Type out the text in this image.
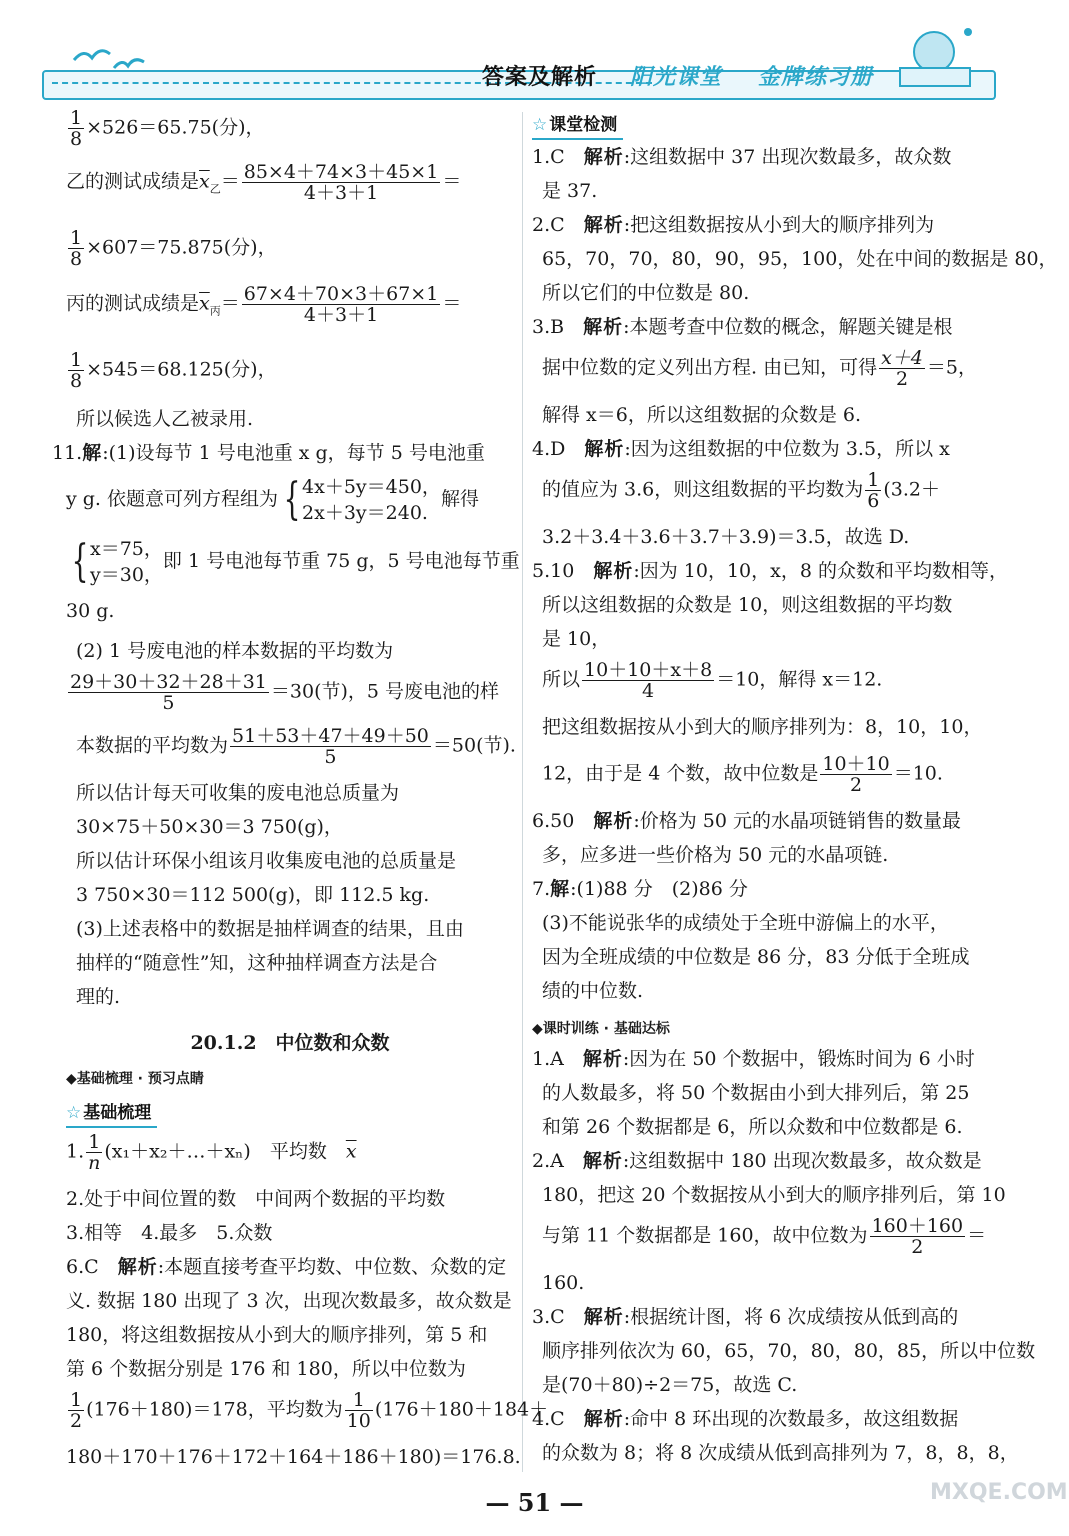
答案及解析 阳光课堂 金牌练习册
$\frac{1}{8} \times 526=65.75$(分)，
乙的测试成绩是$\overline{x}_乙= \frac{85\times 4+74\times 3+45\times 1}{4+3+1}$ ＝
$\frac{1}{8} \times 607=75.875$(分)，
丙的测试成绩是$\overline{x}_丙= \frac{67\times 4+70\times 3+67\times 1}{4+3+1}$ ＝
$\frac{1}{8} \times 545=68.125$(分)，
所以候选人乙被录用.
11.解:(1)设每节 1 号电池重 x g，每节 5 号电池重
y g. 依题意可列方程组为 { 4x＋5y＝450，
2x＋3y＝240.
解得
{ x＝75，
y＝30，
即 1 号电池每节重 75 g，5 号电池每节重
30 g.
(2) 1 号废电池的样本数据的平均数为
$\frac{29+30+32+28+31}{5} =30$(节)，5 号废电池的样
本数据的平均数为 $\frac{51+53+47+49+50}{5} =50$(节).
所以估计每天可收集的废电池总质量为
30×75＋50×30＝3 750(g)，
所以估计环保小组该月收集废电池的总质量是
3 750×30＝112 500(g)，即 112.5 kg.
(3)上述表格中的数据是抽样调查的结果，且由
抽样的“随意性”知，这种抽样调查方法是合
理的.
20.1.2　中位数和众数
◆基础梳理 · 预习点睛
☆ 基础梳理
1. $\frac{1}{n}$ (x₁＋x₂＋…＋xₙ)　平均数　$\overline{x}$
2.处于中间位置的数　中间两个数据的平均数
3.相等　4.最多　5.众数
6.C　 解析:本题直接考查平均数、中位数、众数的定
义. 数据 180 出现了 3 次，出现次数最多，故众数是
180，将这组数据按从小到大的顺序排列，第 5 和
第 6 个数据分别是 176 和 180，所以中位数为
$\frac{1}{2} (176+180)=178$，平均数为 $\frac{1}{10} (176+180+184+$
180＋170＋176＋172＋164＋186＋180)＝176.8.
☆ 课堂检测
1.C　 解析:这组数据中 37 出现次数最多，故众数
是 37.
2.C　 解析:把这组数据按从小到大的顺序排列为
65，70，70，80，90，95，100，处在中间的数据是 80，
所以它们的中位数是 80.
3.B　 解析:本题考查中位数的概念，解题关键是根
据中位数的定义列出方程. 由已知，可得 $\frac{x+4}{2} =5$，
解得 x＝6，所以这组数据的众数是 6.
4.D　 解析:因为这组数据的中位数为 3.5，所以 x
的值应为 3.6，则这组数据的平均数为 $\frac{1}{6} (3.2+$
3.2＋3.4＋3.6＋3.7＋3.9)＝3.5，故选 D.
5.10　 解析:因为 10，10，x，8 的众数和平均数相等，
所以这组数据的众数是 10，则这组数据的平均数
是 10，
所以 $\frac{10+10+x+8}{4} =10$，解得 x＝12.
把这组数据按从小到大的顺序排列为：8，10，10，
12，由于是 4 个数，故中位数是 $\frac{10+10}{2} =10$.
6.50　 解析:价格为 50 元的水晶项链销售的数量最
多，应多进一些价格为 50 元的水晶项链.
7.解:(1)88 分　(2)86 分
(3)不能说张华的成绩处于全班中游偏上的水平，
因为全班成绩的中位数是 86 分，83 分低于全班成
绩的中位数.
◆课时训练 · 基础达标
1.A　 解析:因为在 50 个数据中，锻炼时间为 6 小时
的人数最多，将 50 个数据由小到大排列后，第 25
和第 26 个数据都是 6，所以众数和中位数都是 6.
2.A　 解析:这组数据中 180 出现次数最多，故众数是
180，把这 20 个数据按从小到大的顺序排列后，第 10
与第 11 个数据都是 160，故中位数为 $\frac{160+160}{2}$ ＝
160.
3.C　 解析:根据统计图，将 6 次成绩按从低到高的
顺序排列依次为 60，65，70，80，80，85，所以中位数
是(70＋80)÷2＝75，故选 C.
4.C　 解析:命中 8 环出现的次数最多，故这组数据
的众数为 8；将 8 次成绩从低到高排列为 7，8，8，8，
— 51 —	MXQE.COM
